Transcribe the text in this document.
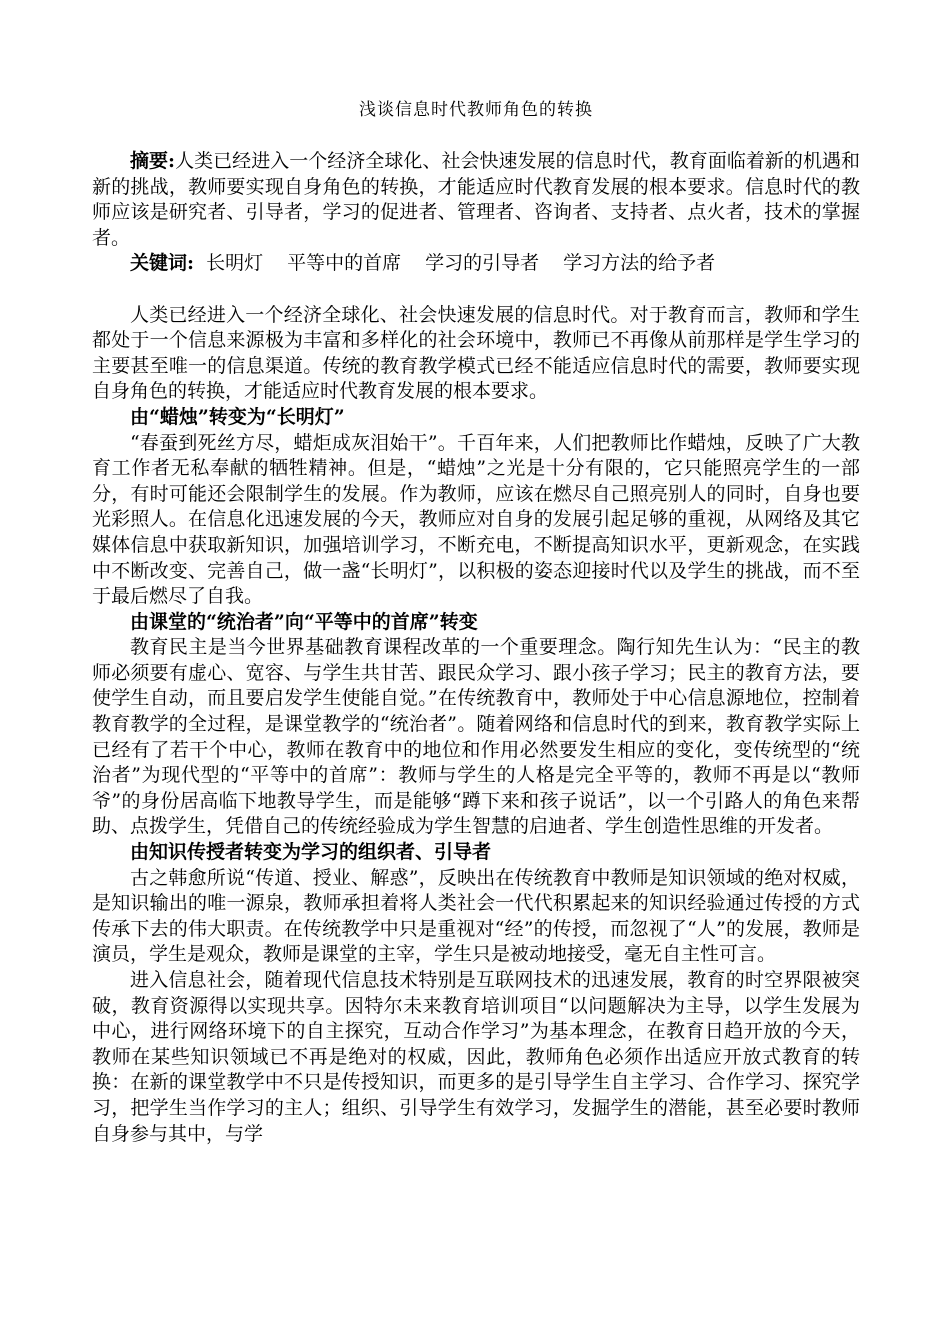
浅谈信息时代教师角色的转换

摘要:人类已经进入一个经济全球化、社会快速发展的信息时代，教育面临着新的机遇和新的挑战，教师要实现自身角色的转换，才能适应时代教育发展的根本要求。信息时代的教师应该是研究者、引导者，学习的促进者、管理者、咨询者、支持者、点火者，技术的掌握者。

关键词: 长明灯 平等中的首席 学习的引导者 学习方法的给予者

人类已经进入一个经济全球化、社会快速发展的信息时代。对于教育而言，教师和学生都处于一个信息来源极为丰富和多样化的社会环境中，教师已不再像从前那样是学生学习的主要甚至唯一的信息渠道。传统的教育教学模式已经不能适应信息时代的需要，教师要实现自身角色的转换，才能适应时代教育发展的根本要求。

由“蜡烛”转变为“长明灯”

“春蚕到死丝方尽，蜡炬成灰泪始干”。千百年来，人们把教师比作蜡烛，反映了广大教育工作者无私奉献的牺牲精神。但是，“蜡烛”之光是十分有限的，它只能照亮学生的一部分，有时可能还会限制学生的发展。作为教师，应该在燃尽自己照亮别人的同时，自身也要光彩照人。在信息化迅速发展的今天，教师应对自身的发展引起足够的重视，从网络及其它媒体信息中获取新知识，加强培训学习，不断充电，不断提高知识水平，更新观念，在实践中不断改变、完善自己，做一盏“长明灯”，以积极的姿态迎接时代以及学生的挑战，而不至于最后燃尽了自我。

由课堂的“统治者”向“平等中的首席”转变

教育民主是当今世界基础教育课程改革的一个重要理念。陶行知先生认为：“民主的教师必须要有虚心、宽容、与学生共甘苦、跟民众学习、跟小孩子学习；民主的教育方法，要使学生自动，而且要启发学生使能自觉。”在传统教育中，教师处于中心信息源地位，控制着教育教学的全过程，是课堂教学的“统治者”。随着网络和信息时代的到来，教育教学实际上已经有了若干个中心，教师在教育中的地位和作用必然要发生相应的变化，变传统型的“统治者”为现代型的“平等中的首席”：教师与学生的人格是完全平等的，教师不再是以“教师爷”的身份居高临下地教导学生，而是能够“蹲下来和孩子说话”，以一个引路人的角色来帮助、点拨学生，凭借自己的传统经验成为学生智慧的启迪者、学生创造性思维的开发者。

由知识传授者转变为学习的组织者、引导者

古之韩愈所说“传道、授业、解惑”，反映出在传统教育中教师是知识领域的绝对权威，是知识输出的唯一源泉，教师承担着将人类社会一代代积累起来的知识经验通过传授的方式传承下去的伟大职责。在传统教学中只是重视对“经”的传授，而忽视了“人”的发展，教师是演员，学生是观众，教师是课堂的主宰，学生只是被动地接受，毫无自主性可言。

进入信息社会，随着现代信息技术特别是互联网技术的迅速发展，教育的时空界限被突破，教育资源得以实现共享。因特尔未来教育培训项目“以问题解决为主导，以学生发展为中心，进行网络环境下的自主探究，互动合作学习”为基本理念，在教育日趋开放的今天，教师在某些知识领域已不再是绝对的权威，因此，教师角色必须作出适应开放式教育的转换：在新的课堂教学中不只是传授知识，而更多的是引导学生自主学习、合作学习、探究学习，把学生当作学习的主人；组织、引导学生有效学习，发掘学生的潜能，甚至必要时教师自身参与其中，与学
